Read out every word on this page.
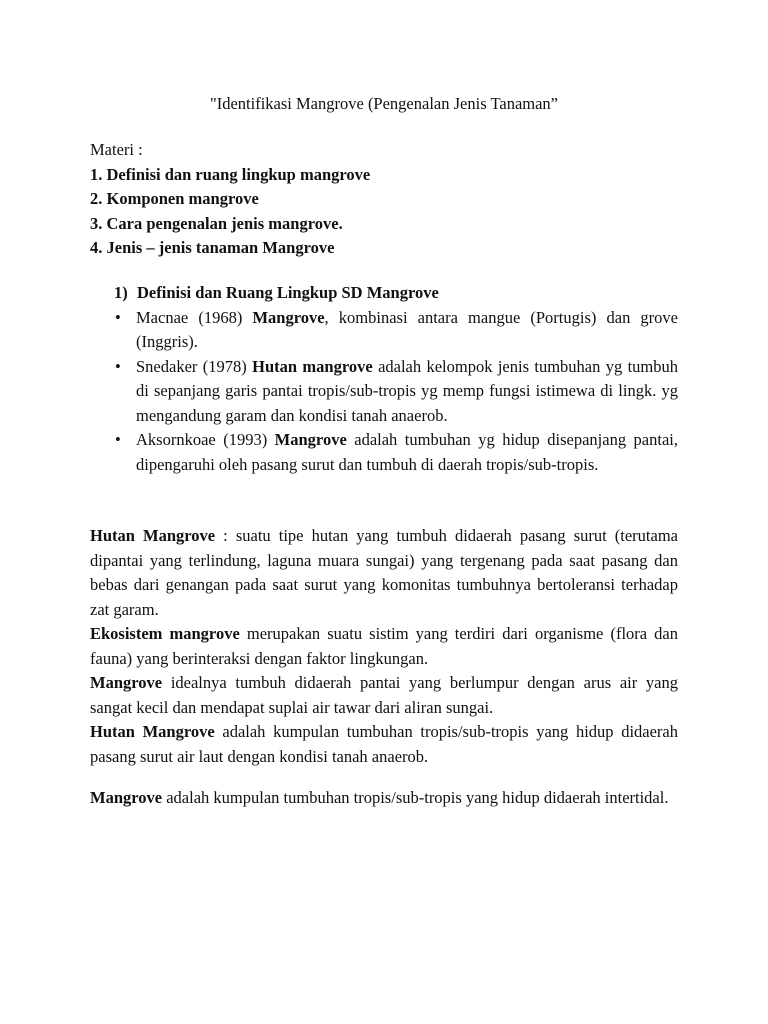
"Identifikasi Mangrove (Pengenalan Jenis Tanaman”
Materi :
1. Definisi dan ruang lingkup mangrove
2. Komponen mangrove
3. Cara pengenalan jenis mangrove.
4. Jenis – jenis tanaman Mangrove
1) Definisi dan Ruang Lingkup SD Mangrove
• Macnae (1968) Mangrove, kombinasi antara mangue (Portugis) dan grove (Inggris).
• Snedaker (1978) Hutan mangrove adalah kelompok jenis tumbuhan yg tumbuh di sepanjang garis pantai tropis/sub-tropis yg memp fungsi istimewa di lingk. yg mengandung garam dan kondisi tanah anaerob.
• Aksornkoae (1993) Mangrove adalah tumbuhan yg hidup disepanjang pantai, dipengaruhi oleh pasang surut dan tumbuh di daerah tropis/sub-tropis.

Hutan Mangrove : suatu tipe hutan yang tumbuh didaerah pasang surut (terutama dipantai yang terlindung, laguna muara sungai) yang tergenang pada saat pasang dan bebas dari genangan pada saat surut yang komonitas tumbuhnya bertoleransi terhadap zat garam.

Ekosistem mangrove merupakan suatu sistim yang terdiri dari organisme (flora dan fauna) yang berinteraksi dengan faktor lingkungan.

Mangrove idealnya tumbuh didaerah pantai yang berlumpur dengan arus air yang sangat kecil dan mendapat suplai air tawar dari aliran sungai.

Hutan Mangrove adalah kumpulan tumbuhan tropis/sub-tropis yang hidup didaerah pasang surut air laut dengan kondisi tanah anaerob.

Mangrove adalah kumpulan tumbuhan tropis/sub-tropis yang hidup didaerah intertidal.
